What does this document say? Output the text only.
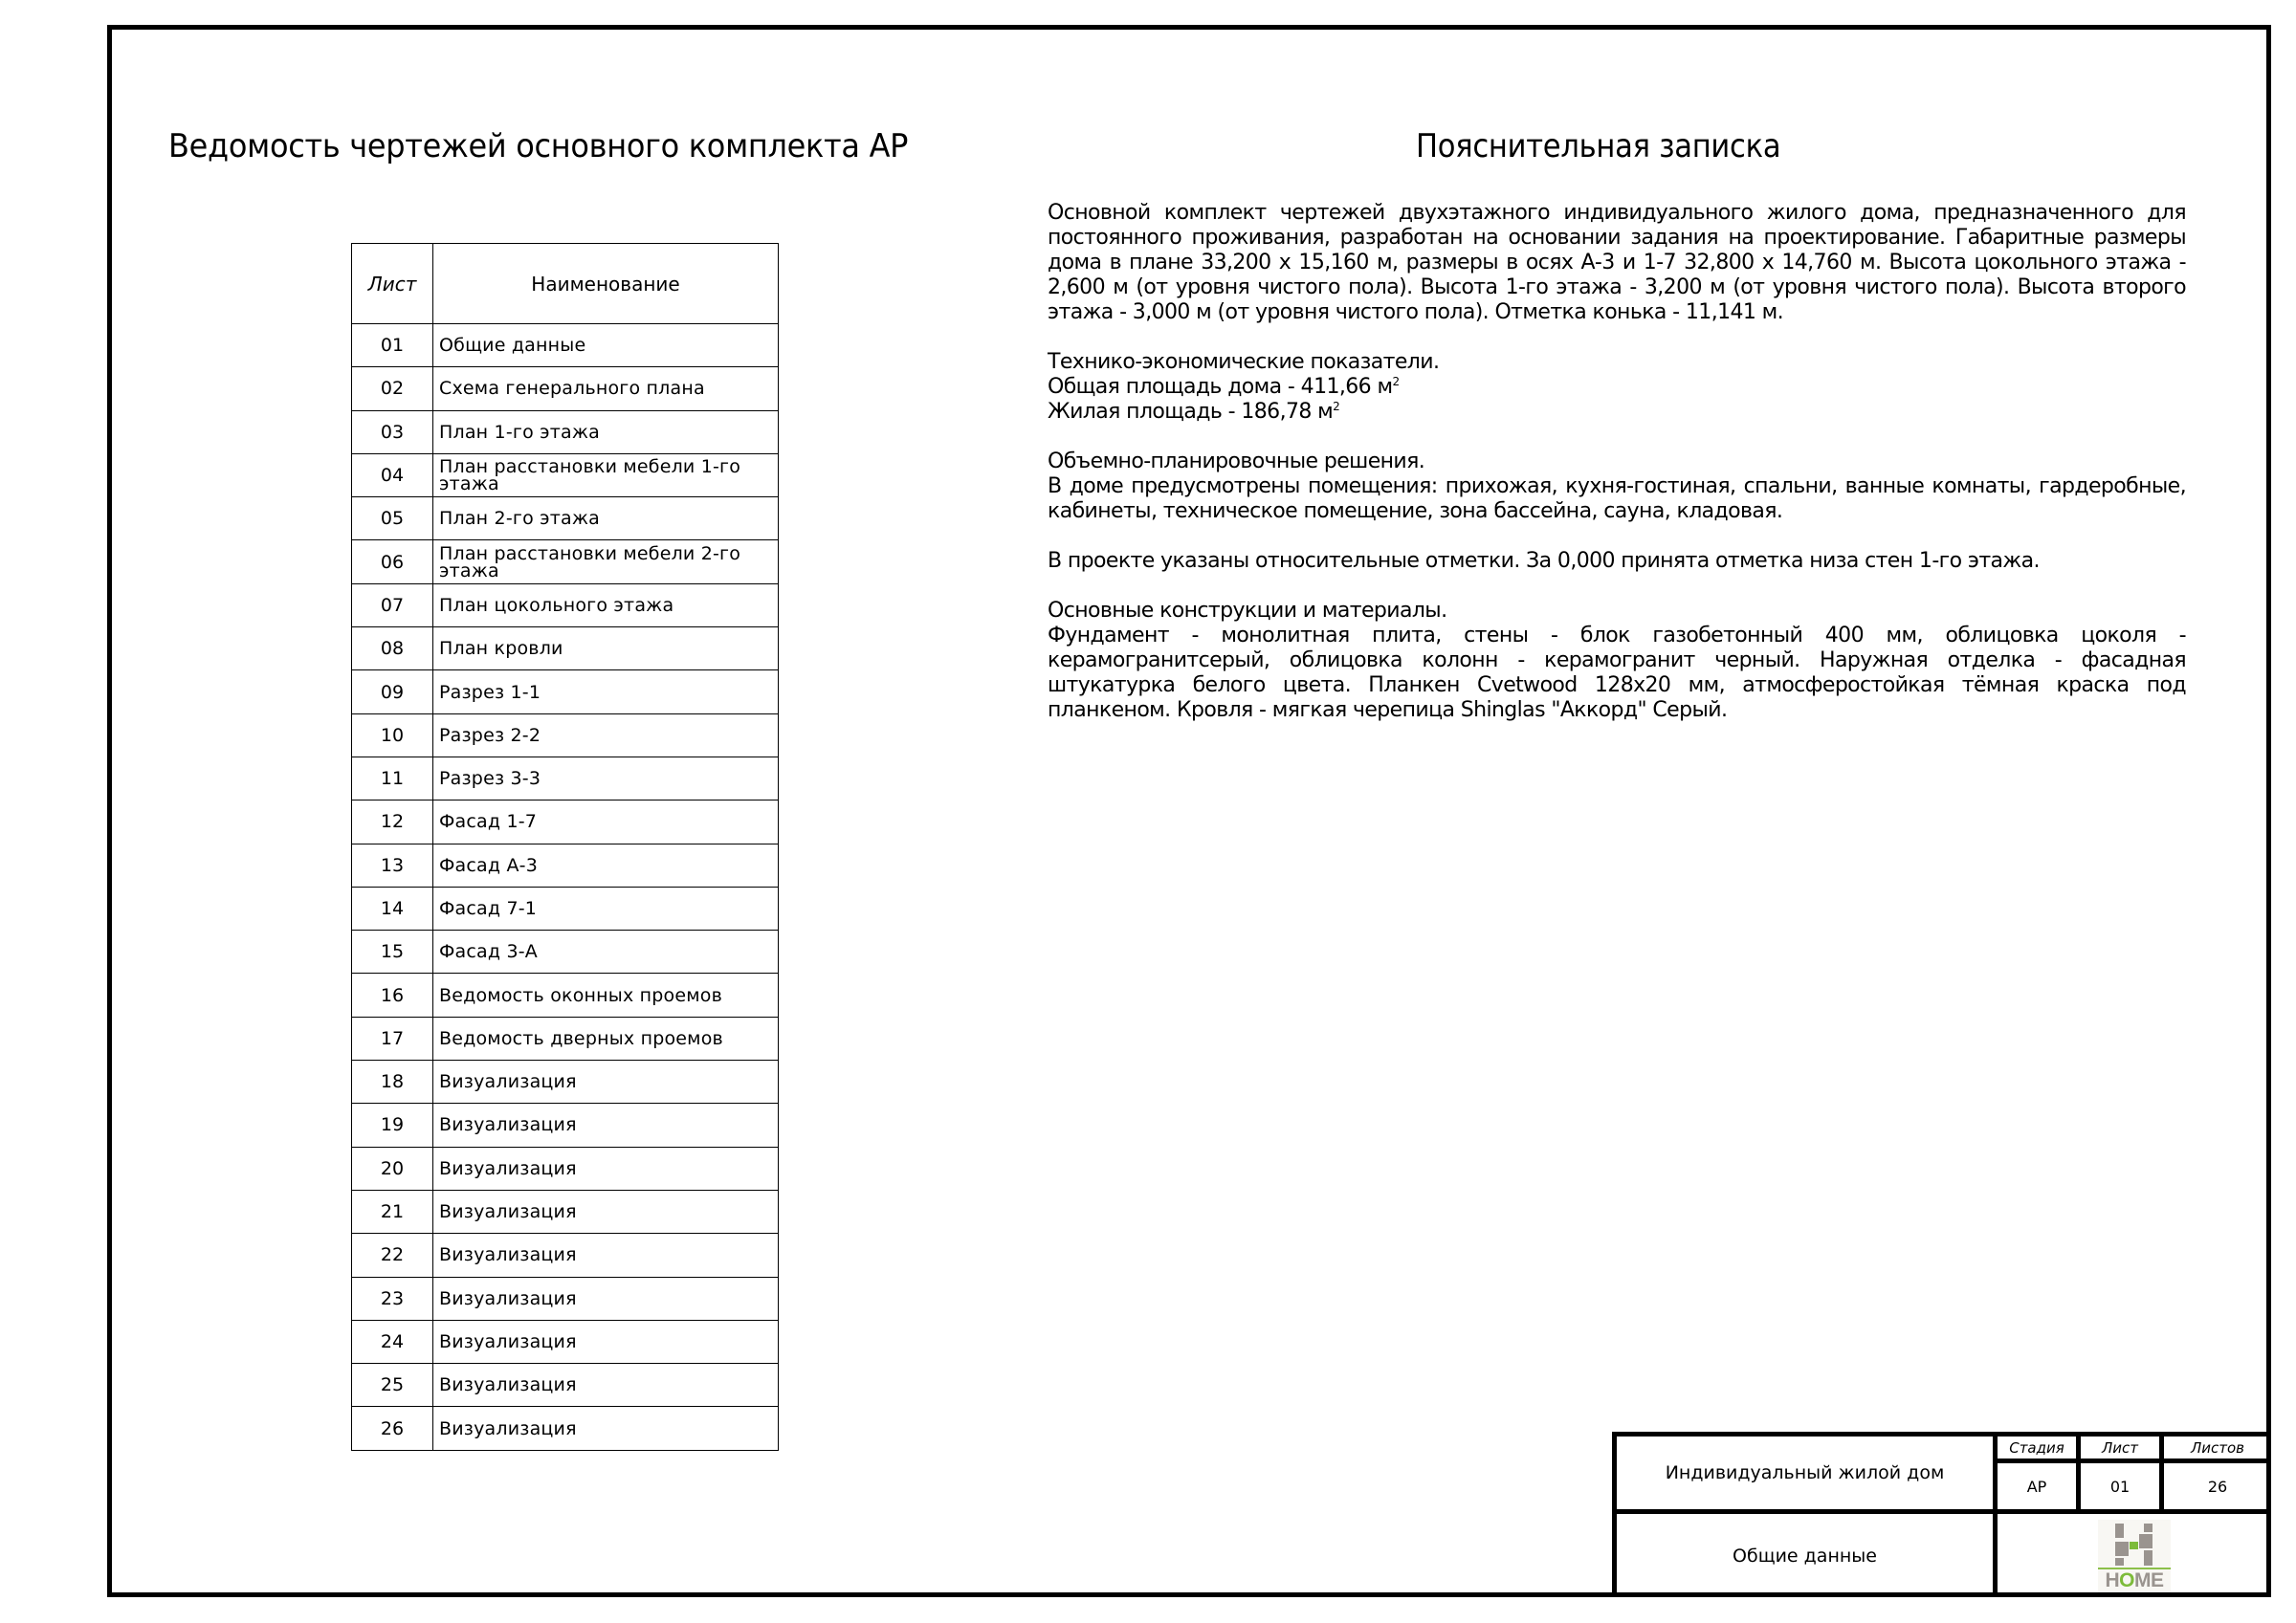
Ведомость чертежей основного комплекта АР
Лист	Наименование
01	Общие данные
02	Схема генерального плана
03	План 1-го этажа
04	План расстановки мебели 1-го этажа
05	План 2-го этажа
06	План расстановки мебели 2-го этажа
07	План цокольного этажа
08	План кровли
09	Разрез 1-1
10	Разрез 2-2
11	Разрез 3-3
12	Фасад 1-7
13	Фасад А-3
14	Фасад 7-1
15	Фасад 3-А
16	Ведомость оконных проемов
17	Ведомость дверных проемов
18	Визуализация
19	Визуализация
20	Визуализация
21	Визуализация
22	Визуализация
23	Визуализация
24	Визуализация
25	Визуализация
26	Визуализация
Пояснительная записка

Основной комплект чертежей двухэтажного индивидуального жилого дома, предназначенного для постоянного проживания, разработан на основании задания на проектирование. Габаритные размеры дома в плане 33,200 х 15,160 м, размеры в осях А-3 и 1-7 32,800 х 14,760 м. Высота цокольного этажа - 2,600 м (от уровня чистого пола). Высота 1-го этажа - 3,200 м (от уровня чистого пола). Высота второго этажа - 3,000 м (от уровня чистого пола). Отметка конька - 11,141 м.

Технико-экономические показатели.
Общая площадь дома - 411,66 $м^2$
Жилая площадь - 186,78 $м^2$

Объемно-планировочные решения.
В доме предусмотрены помещения: прихожая, кухня-гостиная, спальни, ванные комнаты, гардеробные, кабинеты, техническое помещение, зона бассейна, сауна, кладовая.

В проекте указаны относительные отметки. За 0,000 принята отметка низа стен 1-го этажа.

Основные конструкции и материалы.
Фундамент - монолитная плита, стены - блок газобетонный 400 мм, облицовка цоколя - керамогранитсерый, облицовка колонн - керамогранит черный. Наружная отделка - фасадная штукатурка белого цвета. Планкен Cvetwood 128x20 мм, атмосферостойкая тёмная краска под планкеном. Кровля - мягкая черепица Shinglas "Аккорд" Серый.

Индивидуальный жилой дом
Общие данные
Стадия	Лист	Листов
АР	01	26
HOME
